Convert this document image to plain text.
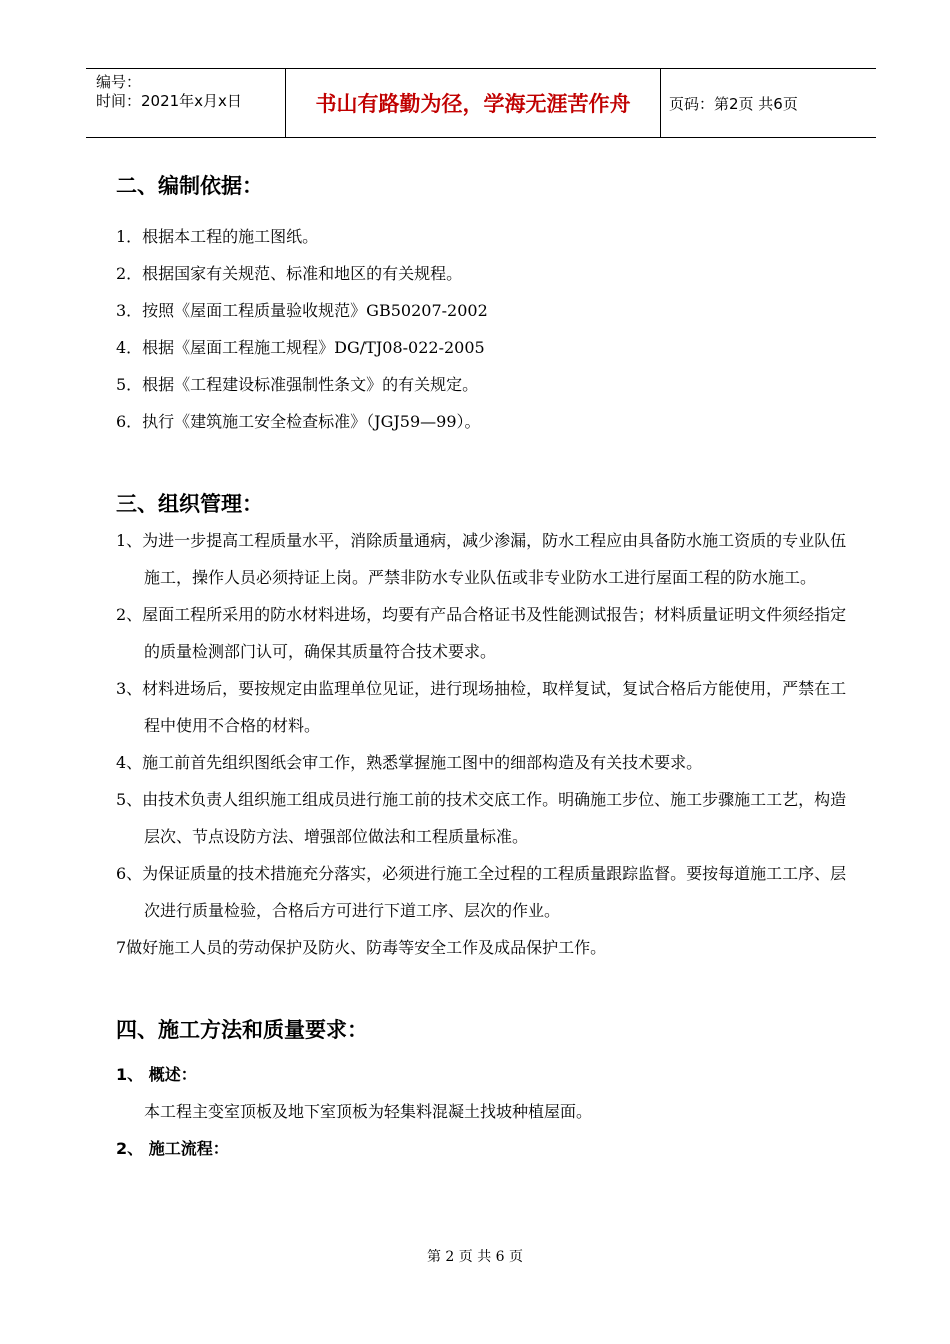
编号：
时间：2021年x月x日	书山有路勤为径，学海无涯苦作舟	页码：第2页 共6页
二、编制依据：

1．根据本工程的施工图纸。

2．根据国家有关规范、标准和地区的有关规程。

3．按照《屋面工程质量验收规范》GB50207-2002

4．根据《屋面工程施工规程》DG/TJ08-022-2005

5．根据《工程建设标准强制性条文》的有关规定。

6．执行《建筑施工安全检查标准》（JGJ59—99）。

三、组织管理：

1、为进一步提高工程质量水平，消除质量通病，减少渗漏，防水工程应由具备防水施工资质的专业队伍施工，操作人员必须持证上岗。严禁非防水专业队伍或非专业防水工进行屋面工程的防水施工。

2、屋面工程所采用的防水材料进场，均要有产品合格证书及性能测试报告；材料质量证明文件须经指定的质量检测部门认可，确保其质量符合技术要求。

3、材料进场后，要按规定由监理单位见证，进行现场抽检，取样复试，复试合格后方能使用，严禁在工程中使用不合格的材料。

4、施工前首先组织图纸会审工作，熟悉掌握施工图中的细部构造及有关技术要求。

5、由技术负责人组织施工组成员进行施工前的技术交底工作。明确施工步位、施工步骤施工工艺，构造层次、节点设防方法、增强部位做法和工程质量标准。

6、为保证质量的技术措施充分落实，必须进行施工全过程的工程质量跟踪监督。要按每道施工工序、层次进行质量检验，合格后方可进行下道工序、层次的作业。

7做好施工人员的劳动保护及防火、防毒等安全工作及成品保护工作。

四、施工方法和质量要求：

1、 概述：

本工程主变室顶板及地下室顶板为轻集料混凝土找坡种植屋面。

2、 施工流程：

第 2 页 共 6 页
